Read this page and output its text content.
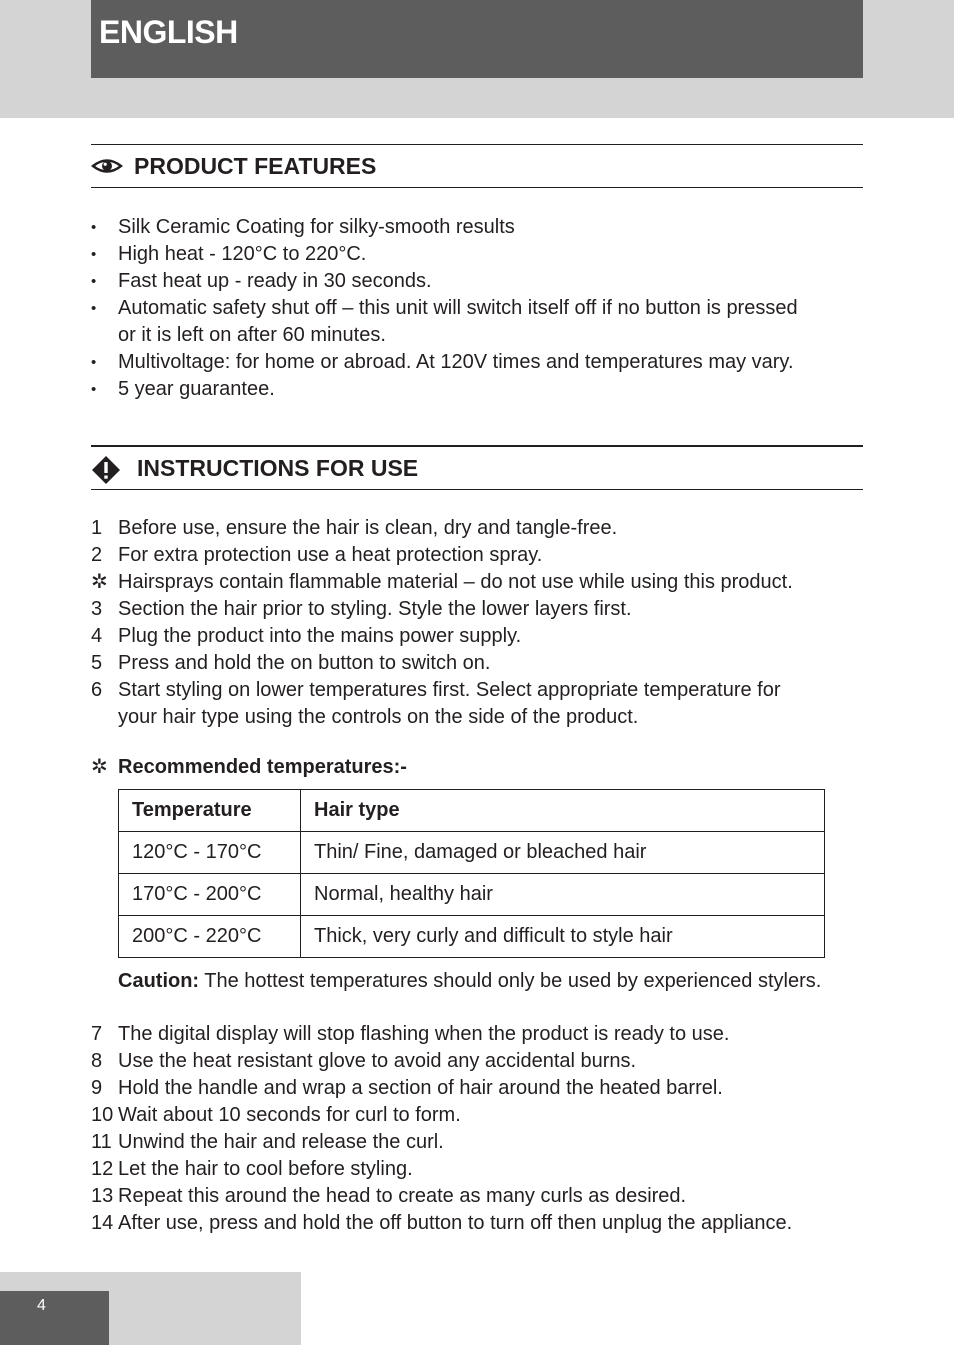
ENGLISH
PRODUCT FEATURES
• Silk Ceramic Coating for silky-smooth results
• High heat - 120°C to 220°C.
• Fast heat up - ready in 30 seconds.
• Automatic safety shut off – this unit will switch itself off if no button is pressed
or it is left on after 60 minutes.
• Multivoltage: for home or abroad. At 120V times and temperatures may vary.
• 5 year guarantee.
INSTRUCTIONS FOR USE
1 Before use, ensure the hair is clean, dry and tangle-free.
2 For extra protection use a heat protection spray.
✲ Hairsprays contain flammable material – do not use while using this product.
3 Section the hair prior to styling. Style the lower layers first.
4 Plug the product into the mains power supply.
5 Press and hold the on button to switch on.
6 Start styling on lower temperatures first. Select appropriate temperature for
your hair type using the controls on the side of the product.
✲ Recommended temperatures:-
Temperature	Hair type
120°C - 170°C	Thin/ Fine, damaged or bleached hair
170°C - 200°C	Normal, healthy hair
200°C - 220°C	Thick, very curly and difficult to style hair
Caution: The hottest temperatures should only be used by experienced stylers.
7 The digital display will stop flashing when the product is ready to use.
8 Use the heat resistant glove to avoid any accidental burns.
9 Hold the handle and wrap a section of hair around the heated barrel.
10 Wait about 10 seconds for curl to form.
11 Unwind the hair and release the curl.
12 Let the hair to cool before styling.
13 Repeat this around the head to create as many curls as desired.
14 After use, press and hold the off button to turn off then unplug the appliance.
4
